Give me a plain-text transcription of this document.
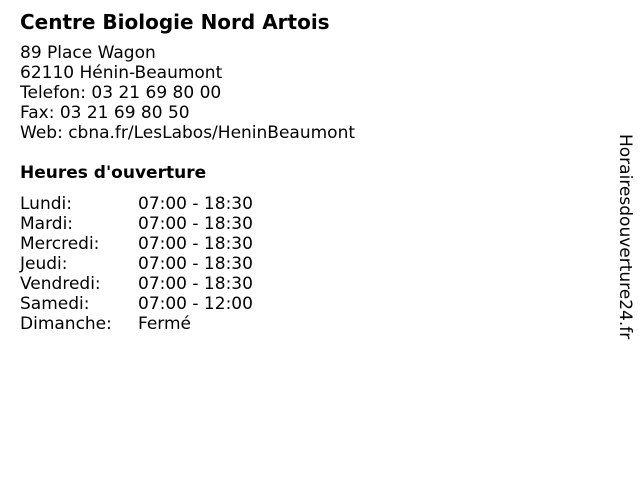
Centre Biologie Nord Artois
89 Place Wagon
62110 Hénin-Beaumont
Telefon: 03 21 69 80 00
Fax: 03 21 69 80 50
Web: cbna.fr/LesLabos/HeninBeaumont
Heures d'ouverture
Lundi:	07:00 - 18:30
Mardi:	07:00 - 18:30
Mercredi: 07:00 - 18:30
Jeudi:	07:00 - 18:30
Vendredi: 07:00 - 18:30
Samedi:	07:00 - 12:00
Dimanche: Fermé	Horairesdouverture24.fr
